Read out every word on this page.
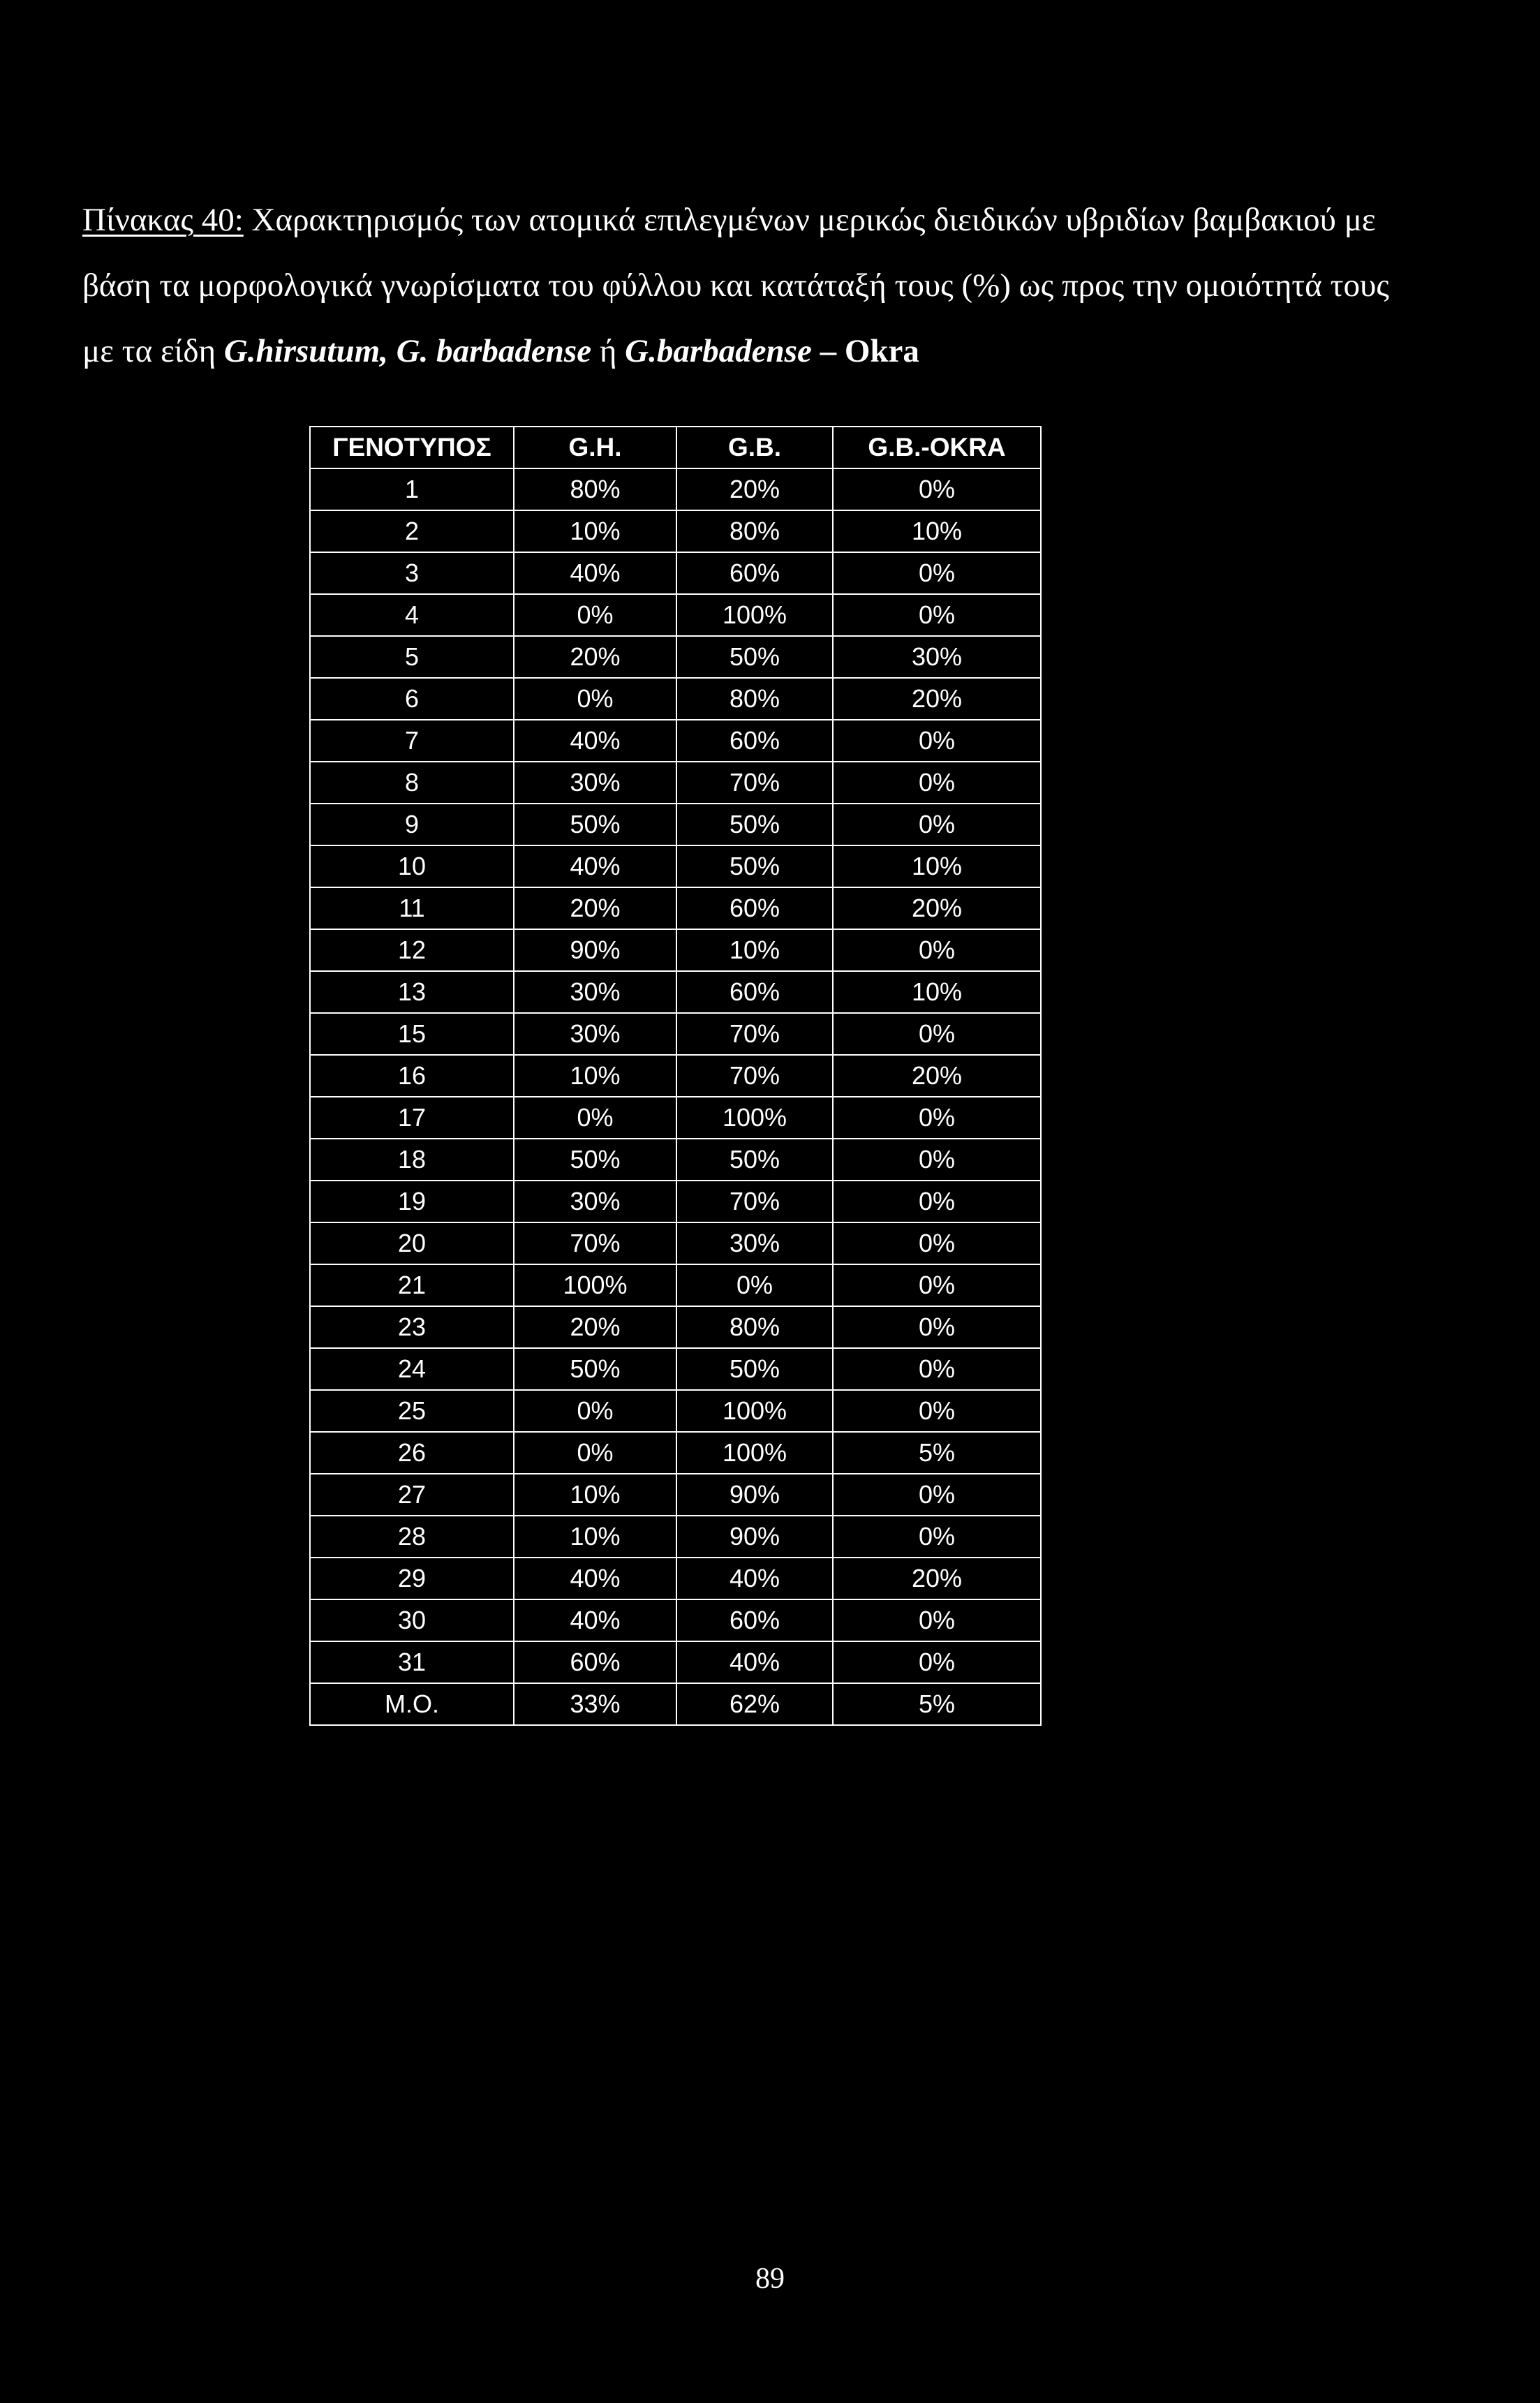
Πίνακας 40: Χαρακτηρισμός των ατομικά επιλεγμένων μερικώς διειδικών υβριδίων βαμβακιού με βάση τα μορφολογικά γνωρίσματα του φύλλου και κατάταξή τους (%) ως προς την ομοιότητά τους με τα είδη G.hirsutum, G. barbadense ή G.barbadense – Okra
ΓΕΝΟΤΥΠΟΣ	G.H.	G.B.	G.B.-OKRA
1	80%	20%	0%
2	10%	80%	10%
3	40%	60%	0%
4	0%	100%	0%
5	20%	50%	30%
6	0%	80%	20%
7	40%	60%	0%
8	30%	70%	0%
9	50%	50%	0%
10	40%	50%	10%
11	20%	60%	20%
12	90%	10%	0%
13	30%	60%	10%
15	30%	70%	0%
16	10%	70%	20%
17	0%	100%	0%
18	50%	50%	0%
19	30%	70%	0%
20	70%	30%	0%
21	100%	0%	0%
23	20%	80%	0%
24	50%	50%	0%
25	0%	100%	0%
26	0%	100%	5%
27	10%	90%	0%
28	10%	90%	0%
29	40%	40%	20%
30	40%	60%	0%
31	60%	40%	0%
M.O.	33%	62%	5%
89
